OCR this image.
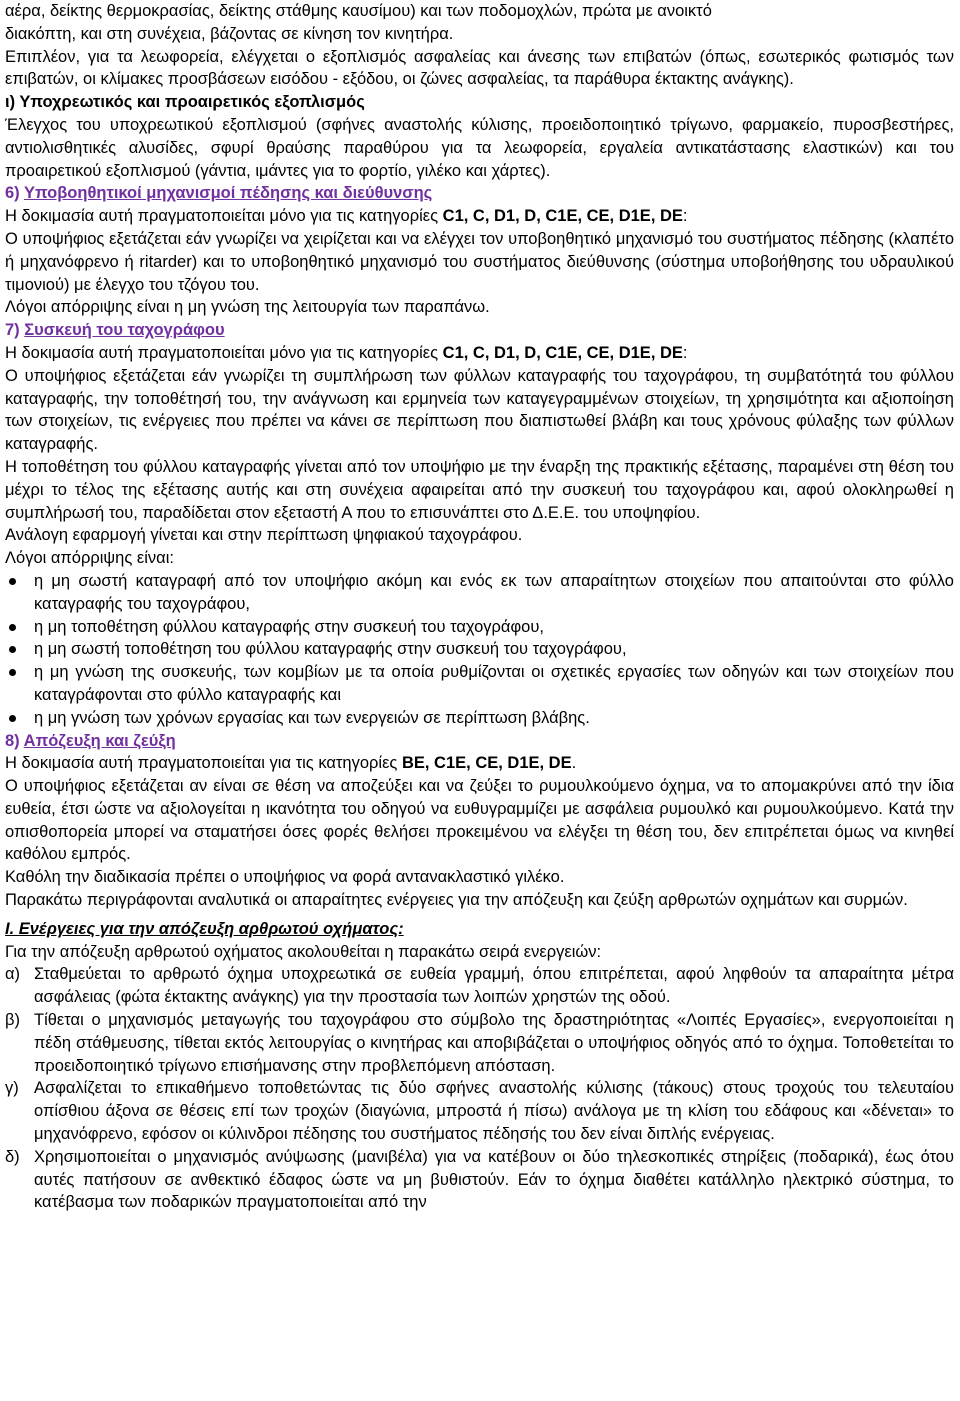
αέρα, δείκτης θερμοκρασίας, δείκτης στάθμης καυσίμου) και των ποδομοχλών, πρώτα με ανοικτό

διακόπτη, και στη συνέχεια, βάζοντας σε κίνηση τον κινητήρα.

Επιπλέον, για τα λεωφορεία, ελέγχεται ο εξοπλισμός ασφαλείας και άνεσης των επιβατών (όπως, εσωτερικός φωτισμός των επιβατών, οι κλίμακες προσβάσεων εισόδου - εξόδου, οι ζώνες ασφαλείας, τα παράθυρα έκτακτης ανάγκης).

ι) Υποχρεωτικός και προαιρετικός εξοπλισμός

Έλεγχος του υποχρεωτικού εξοπλισμού (σφήνες αναστολής κύλισης, προειδοποιητικό τρίγωνο, φαρμακείο, πυροσβεστήρες, αντιολισθητικές αλυσίδες, σφυρί θραύσης παραθύρου για τα λεωφορεία, εργαλεία αντικατάστασης ελαστικών) και του προαιρετικού εξοπλισμού (γάντια, ιμάντες για το φορτίο, γιλέκο και χάρτες).

6) Υποβοηθητικοί μηχανισμοί πέδησης και διεύθυνσης

Η δοκιμασία αυτή πραγματοποιείται μόνο για τις κατηγορίες C1, C, D1, D, C1E, CE, D1E, DE:

Ο υποψήφιος εξετάζεται εάν γνωρίζει να χειρίζεται και να ελέγχει τον υποβοηθητικό μηχανισμό του συστήματος πέδησης (κλαπέτο ή μηχανόφρενο ή ritarder) και το υποβοηθητικό μηχανισμό του συστήματος διεύθυνσης (σύστημα υποβοήθησης του υδραυλικού τιμονιού) με έλεγχο του τζόγου του.

Λόγοι απόρριψης είναι η μη γνώση της λειτουργία των παραπάνω.

7) Συσκευή του ταχογράφου

Η δοκιμασία αυτή πραγματοποιείται μόνο για τις κατηγορίες C1, C, D1, D, C1E, CE, D1E, DE:

Ο υποψήφιος εξετάζεται εάν γνωρίζει τη συμπλήρωση των φύλλων καταγραφής του ταχογράφου, τη συμβατότητά του φύλλου καταγραφής, την τοποθέτησή του, την ανάγνωση και ερμηνεία των καταγεγραμμένων στοιχείων, τη χρησιμότητα και αξιοποίηση των στοιχείων, τις ενέργειες που πρέπει να κάνει σε περίπτωση που διαπιστωθεί βλάβη και τους χρόνους φύλαξης των φύλλων καταγραφής.

Η τοποθέτηση του φύλλου καταγραφής γίνεται από τον υποψήφιο με την έναρξη της πρακτικής εξέτασης, παραμένει στη θέση του μέχρι το τέλος της εξέτασης αυτής και στη συνέχεια αφαιρείται από την συσκευή του ταχογράφου και, αφού ολοκληρωθεί η συμπλήρωσή του, παραδίδεται στον εξεταστή Α που το επισυνάπτει στο Δ.Ε.Ε. του υποψηφίου.

Ανάλογη εφαρμογή γίνεται και στην περίπτωση ψηφιακού ταχογράφου.

Λόγοι απόρριψης είναι:

η μη σωστή καταγραφή από τον υποψήφιο ακόμη και ενός εκ των απαραίτητων στοιχείων που απαιτούνται στο φύλλο καταγραφής του ταχογράφου,
η μη τοποθέτηση φύλλου καταγραφής στην συσκευή του ταχογράφου,
η μη σωστή τοποθέτηση του φύλλου καταγραφής στην συσκευή του ταχογράφου,
η μη γνώση της συσκευής, των κομβίων με τα οποία ρυθμίζονται οι σχετικές εργασίες των οδηγών και των στοιχείων που καταγράφονται στο φύλλο καταγραφής και
η μη γνώση των χρόνων εργασίας και των ενεργειών σε περίπτωση βλάβης.

8) Απόζευξη και ζεύξη

Η δοκιμασία αυτή πραγματοποιείται για τις κατηγορίες BE, C1E, CE, D1E, DE.

Ο υποψήφιος εξετάζεται αν είναι σε θέση να αποζεύξει και να ζεύξει το ρυμουλκούμενο όχημα, να το απομακρύνει από την ίδια ευθεία, έτσι ώστε να αξιολογείται η ικανότητα του οδηγού να ευθυγραμμίζει με ασφάλεια ρυμουλκό και ρυμουλκούμενο. Κατά την οπισθοπορεία μπορεί να σταματήσει όσες φορές θελήσει προκειμένου να ελέγξει τη θέση του, δεν επιτρέπεται όμως να κινηθεί καθόλου εμπρός.

Καθόλη την διαδικασία πρέπει ο υποψήφιος να φορά αντανακλαστικό γιλέκο.

Παρακάτω περιγράφονται αναλυτικά οι απαραίτητες ενέργειες για την απόζευξη και ζεύξη αρθρωτών οχημάτων και συρμών.

I. Ενέργειες για την απόζευξη αρθρωτού οχήματος:

Για την απόζευξη αρθρωτού οχήματος ακολουθείται η παρακάτω σειρά ενεργειών:

α) Σταθμεύεται το αρθρωτό όχημα υποχρεωτικά σε ευθεία γραμμή, όπου επιτρέπεται, αφού ληφθούν τα απαραίτητα μέτρα ασφάλειας (φώτα έκτακτης ανάγκης) για την προστασία των λοιπών χρηστών της οδού.
β) Τίθεται ο μηχανισμός μεταγωγής του ταχογράφου στο σύμβολο της δραστηριότητας «Λοιπές Εργασίες», ενεργοποιείται η πέδη στάθμευσης, τίθεται εκτός λειτουργίας ο κινητήρας και αποβιβάζεται ο υποψήφιος οδηγός από το όχημα. Τοποθετείται το προειδοποιητικό τρίγωνο επισήμανσης στην προβλεπόμενη απόσταση.
γ) Ασφαλίζεται το επικαθήμενο τοποθετώντας τις δύο σφήνες αναστολής κύλισης (τάκους) στους τροχούς του τελευταίου οπίσθιου άξονα σε θέσεις επί των τροχών (διαγώνια, μπροστά ή πίσω) ανάλογα με τη κλίση του εδάφους και «δένεται» το μηχανόφρενο, εφόσον οι κύλινδροι πέδησης του συστήματος πέδησής του δεν είναι διπλής ενέργειας.
δ) Χρησιμοποιείται ο μηχανισμός ανύψωσης (μανιβέλα) για να κατέβουν οι δύο τηλεσκοπικές στηρίξεις (ποδαρικά), έως ότου αυτές πατήσουν σε ανθεκτικό έδαφος ώστε να μη βυθιστούν. Εάν το όχημα διαθέτει κατάλληλο ηλεκτρικό σύστημα, το κατέβασμα των ποδαρικών πραγματοποιείται από την
